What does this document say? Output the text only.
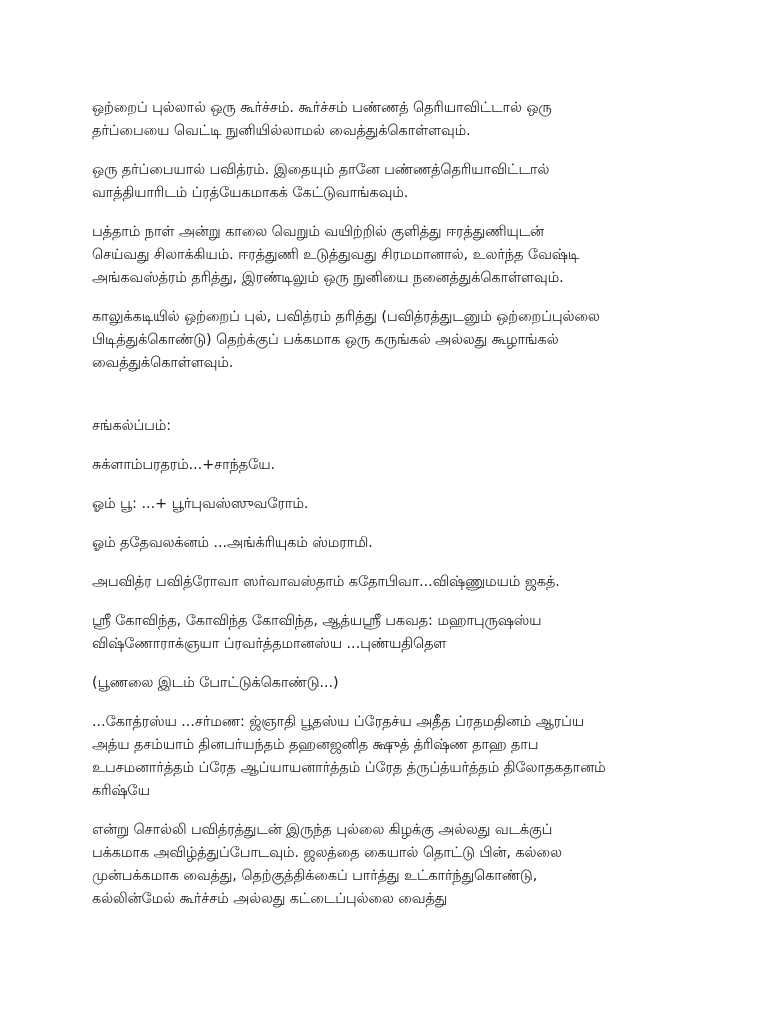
ஒற்றைப் புல்லால் ஒரு கூர்ச்சம். கூர்ச்சம் பண்ணத் தெரியாவிட்டால் ஒரு
தர்ப்பையை வெட்டி நுனியில்லாமல் வைத்துக்கொள்ளவும்.

ஒரு தர்ப்பையால் பவித்ரம். இதையும் தானே பண்ணத்தெரியாவிட்டால்
வாத்தியாரிடம் ப்ரத்யேகமாகக் கேட்டுவாங்கவும்.

பத்தாம் நாள் அன்று காலை வெறும் வயிற்றில் குளித்து ஈரத்துணியுடன்
செய்வது சிலாக்கியம். ஈரத்துணி உடுத்துவது சிரமமானால், உலர்ந்த வேஷ்டி
அங்கவஸ்த்ரம் தரித்து, இரண்டிலும் ஒரு நுனியை நனைத்துக்கொள்ளவும்.

காலுக்கடியில் ஒற்றைப் புல், பவித்ரம் தரித்து (பவித்ரத்துடனும் ஒற்றைப்புல்லை
பிடித்துக்கொண்டு) தெற்க்குப் பக்கமாக ஒரு கருங்கல் அல்லது கூழாங்கல்
வைத்துக்கொள்ளவும்.

சங்கல்ப்பம்:

சுக்ளாம்பரதரம்...+சாந்தயே.

ஓம் பூ: ...+ பூர்புவஸ்ஸுவரோம்.

ஓம் ததேவலக்னம் ...அங்க்ரியுகம் ஸ்மராமி.

அபவித்ர பவித்ரோவா ஸர்வாவஸ்தாம் கதோபிவா...விஷ்ணுமயம் ஜகத்.

ஸ்ரீ கோவிந்த, கோவிந்த கோவிந்த, ஆத்யஸ்ரீ பகவத: மஹாபுருஷஸ்ய
விஷ்ணோராக்ஞயா ப்ரவர்த்தமானஸ்ய ...புண்யதிதௌ

(பூணலை இடம் போட்டுக்கொண்டு...)

...கோத்ரஸ்ய ...சர்மண: ஜ்ஞாதி பூதஸ்ய ப்ரேதச்ய அதீத ப்ரதமதினம் ஆரப்ய
அத்ய தசம்யாம் தினபர்யந்தம் தஹனஜனித க்ஷுத் த்ரிஷ்ண தாஹ தாப
உபசமனார்த்தம் ப்ரேத ஆப்யாயனார்த்தம் ப்ரேத த்ருப்த்யர்த்தம் திலோதகதானம்
கரிஷ்யே

என்று சொல்லி பவித்ரத்துடன் இருந்த புல்லை கிழக்கு அல்லது வடக்குப்
பக்கமாக அவிழ்த்துப்போடவும். ஜலத்தை கையால் தொட்டு பின், கல்லை
முன்பக்கமாக வைத்து, தெற்குத்திக்கைப் பார்த்து உட்கார்ந்துகொண்டு,
கல்லின்மேல் கூர்ச்சம் அல்லது கட்டைப்புல்லை வைத்து
